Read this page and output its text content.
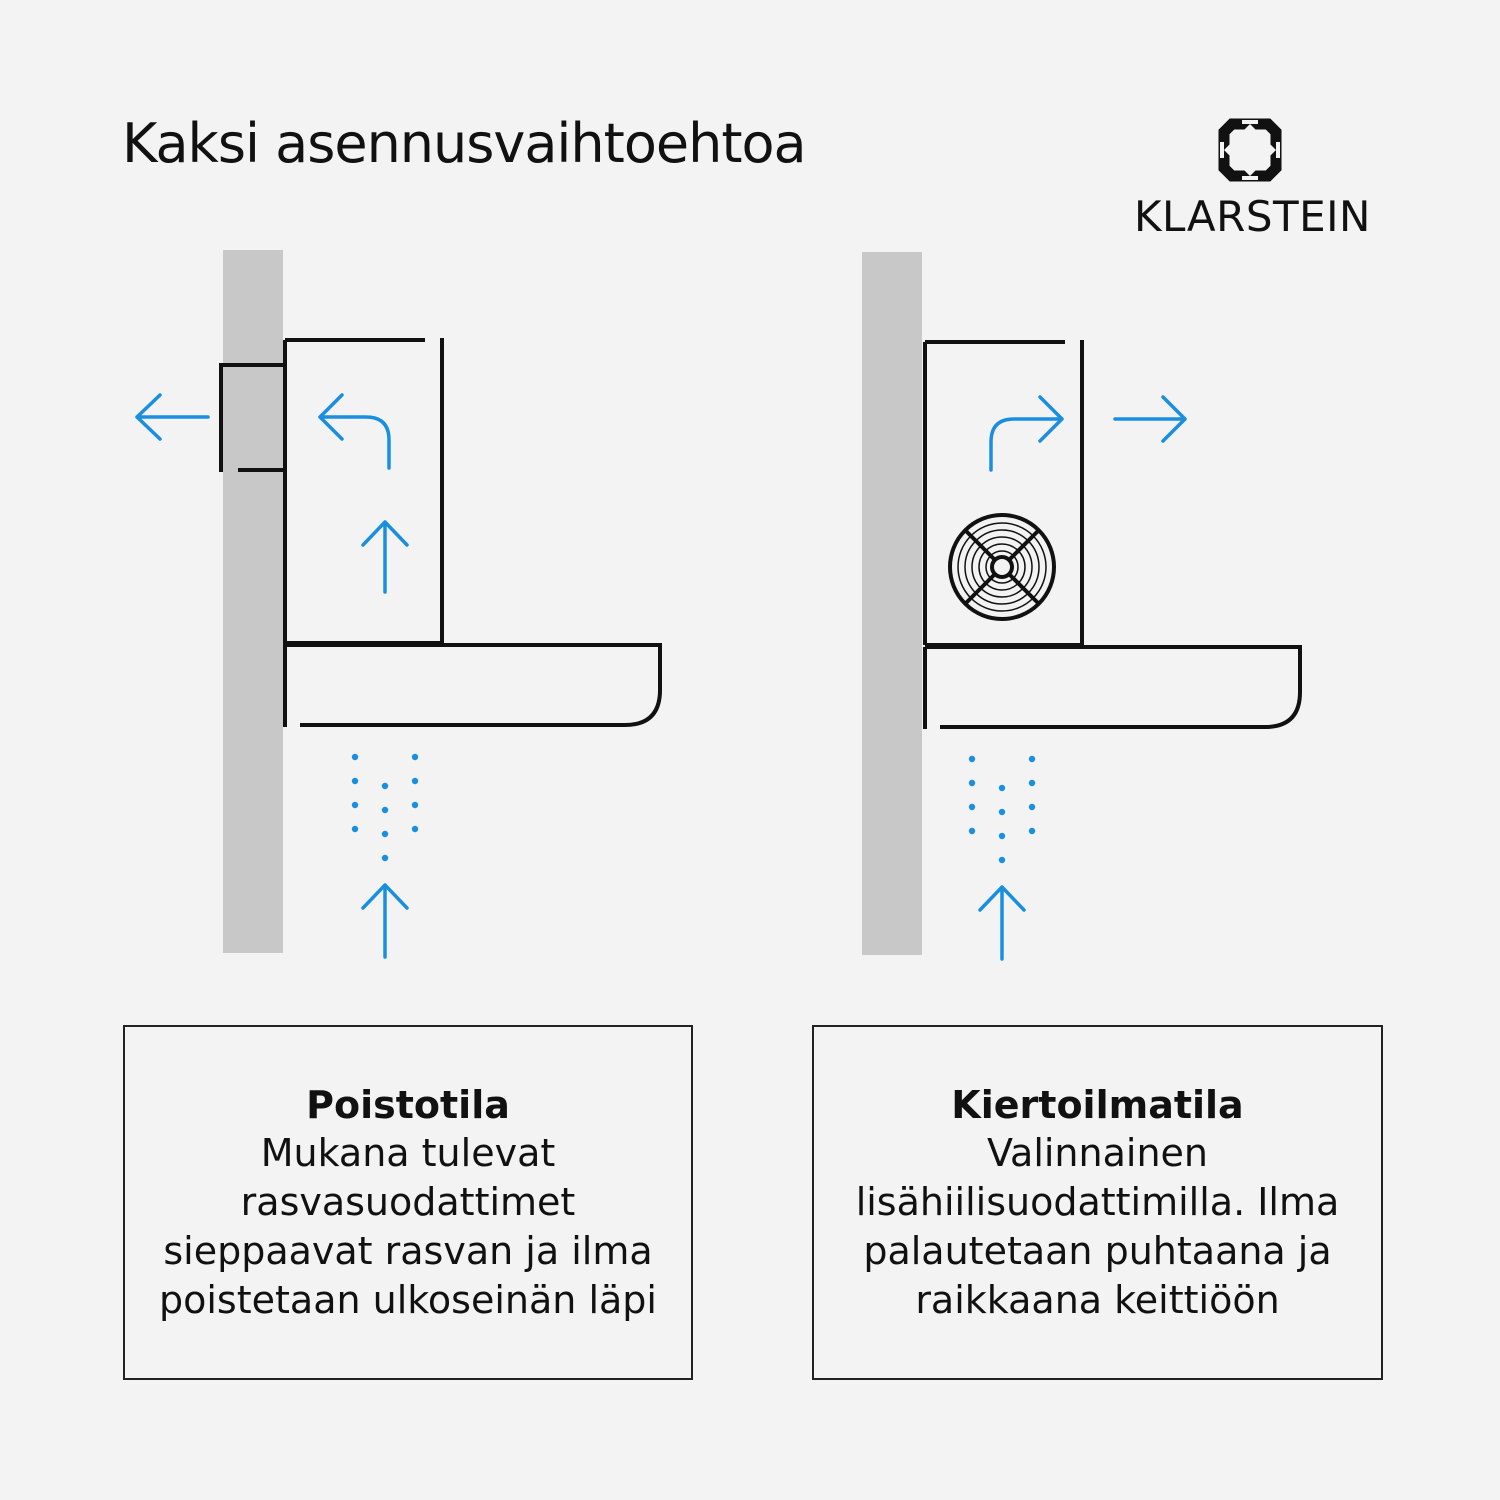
Kaksi asennusvaihtoehtoa
KLARSTEIN
Poistotila
Mukana tulevat rasvasuodattimet sieppaavat rasvan ja ilma poistetaan ulkoseinän läpi
Kiertoilmatila
Valinnainen lisähiilisuodattimilla. Ilma palautetaan puhtaana ja raikkaana keittiöön
